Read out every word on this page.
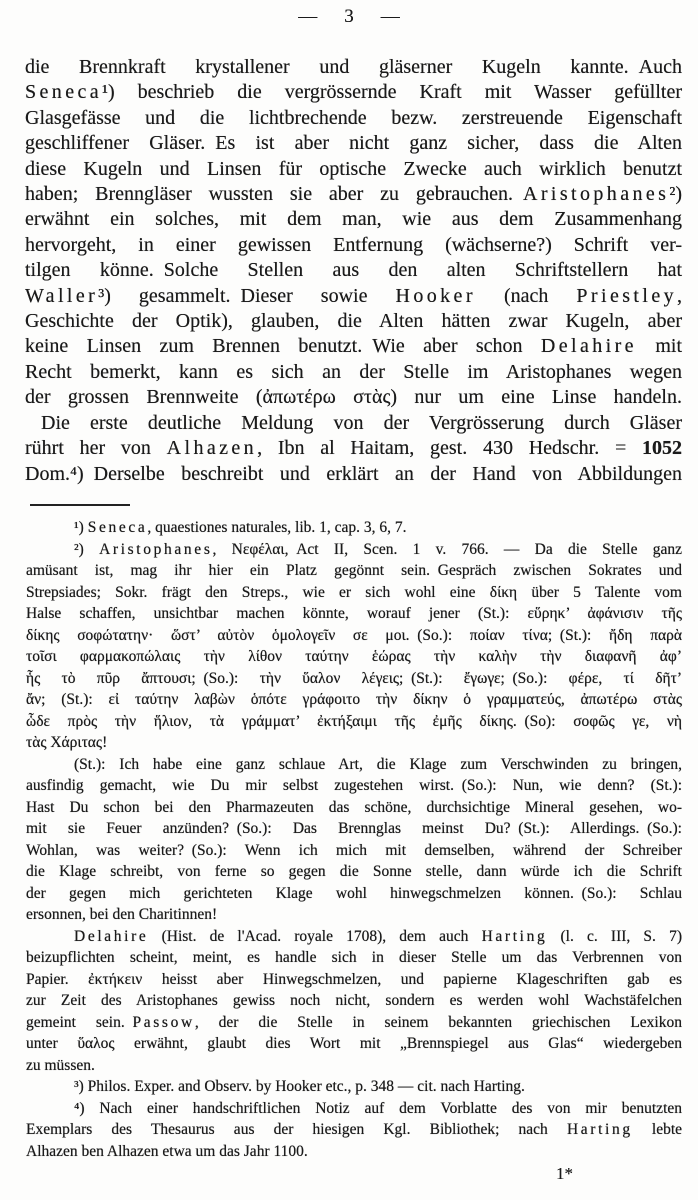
— 3 —
die Brennkraft krystallener und gläserner Kugeln kannte. Auch
Seneca¹) beschrieb die vergrössernde Kraft mit Wasser gefüllter
Glasgefässe und die lichtbrechende bezw. zerstreuende Eigenschaft
geschliffener Gläser. Es ist aber nicht ganz sicher, dass die Alten
diese Kugeln und Linsen für optische Zwecke auch wirklich benutzt
haben; Brenngläser wussten sie aber zu gebrauchen. Aristophanes²)
erwähnt ein solches, mit dem man, wie aus dem Zusammenhang
hervorgeht, in einer gewissen Entfernung (wächserne?) Schrift ver-
tilgen könne. Solche Stellen aus den alten Schriftstellern hat
Waller³) gesammelt. Dieser sowie Hooker (nach Priestley,
Geschichte der Optik), glauben, die Alten hätten zwar Kugeln, aber
keine Linsen zum Brennen benutzt. Wie aber schon Delahire mit
Recht bemerkt, kann es sich an der Stelle im Aristophanes wegen
der grossen Brennweite (ἀπωτέρω στὰς) nur um eine Linse handeln.
Die erste deutliche Meldung von der Vergrösserung durch Gläser
rührt her von Alhazen, Ibn al Haitam, gest. 430 Hedschr. = 1052
Dom.⁴) Derselbe beschreibt und erklärt an der Hand von Abbildungen
¹) Seneca, quaestiones naturales, lib. 1, cap. 3, 6, 7.
²) Aristophanes, Νεφέλαι, Act II, Scen. 1 v. 766. — Da die Stelle ganz
amüsant ist, mag ihr hier ein Platz gegönnt sein. Gespräch zwischen Sokrates und
Strepsiades; Sokr. frägt den Streps., wie er sich wohl eine δίκη über 5 Talente vom
Halse schaffen, unsichtbar machen könnte, worauf jener (St.): εὕρηκ’ ἀφάνισιν τῆς
δίκης σοφώτατην· ὥστ’ αὐτὸν ὁμολογεῖν σε μοι. (So.): ποίαν τίνα; (St.): ἤδη παρὰ
τοῖσι φαρμακοπώλαις τὴν λίθον ταύτην ἑώρας τὴν καλὴν τὴν διαφανῆ ἀφ’
ἧς τὸ πῦρ ἄπτουσι; (So.): τὴν ὕαλον λέγεις; (St.): ἔγωγε; (So.): φέρε, τί δῆτ’
ἄν; (St.): εἰ ταύτην λαβὼν ὁπότε γράφοιτο τὴν δίκην ὁ γραμματεύς, ἀπωτέρω στὰς
ὧδε πρὸς τὴν ἥλιον, τὰ γράμματ’ ἐκτήξαιμι τῆς ἐμῆς δίκης. (So): σοφῶς γε, νὴ
τὰς Χάριτας!
(St.): Ich habe eine ganz schlaue Art, die Klage zum Verschwinden zu bringen,
ausfindig gemacht, wie Du mir selbst zugestehen wirst. (So.): Nun, wie denn? (St.):
Hast Du schon bei den Pharmazeuten das schöne, durchsichtige Mineral gesehen, wo-
mit sie Feuer anzünden? (So.): Das Brennglas meinst Du? (St.): Allerdings. (So.):
Wohlan, was weiter? (So.): Wenn ich mich mit demselben, während der Schreiber
die Klage schreibt, von ferne so gegen die Sonne stelle, dann würde ich die Schrift
der gegen mich gerichteten Klage wohl hinwegschmelzen können. (So.): Schlau
ersonnen, bei den Charitinnen!
Delahire (Hist. de l'Acad. royale 1708), dem auch Harting (l. c. III, S. 7)
beizupflichten scheint, meint, es handle sich in dieser Stelle um das Verbrennen von
Papier. ἐκτήκειν heisst aber Hinwegschmelzen, und papierne Klageschriften gab es
zur Zeit des Aristophanes gewiss noch nicht, sondern es werden wohl Wachstäfelchen
gemeint sein. Passow, der die Stelle in seinem bekannten griechischen Lexikon
unter ὕαλος erwähnt, glaubt dies Wort mit „Brennspiegel aus Glas“ wiedergeben
zu müssen.
³) Philos. Exper. and Observ. by Hooker etc., p. 348 — cit. nach Harting.
⁴) Nach einer handschriftlichen Notiz auf dem Vorblatte des von mir benutzten
Exemplars des Thesaurus aus der hiesigen Kgl. Bibliothek; nach Harting lebte
Alhazen ben Alhazen etwa um das Jahr 1100.
1*
